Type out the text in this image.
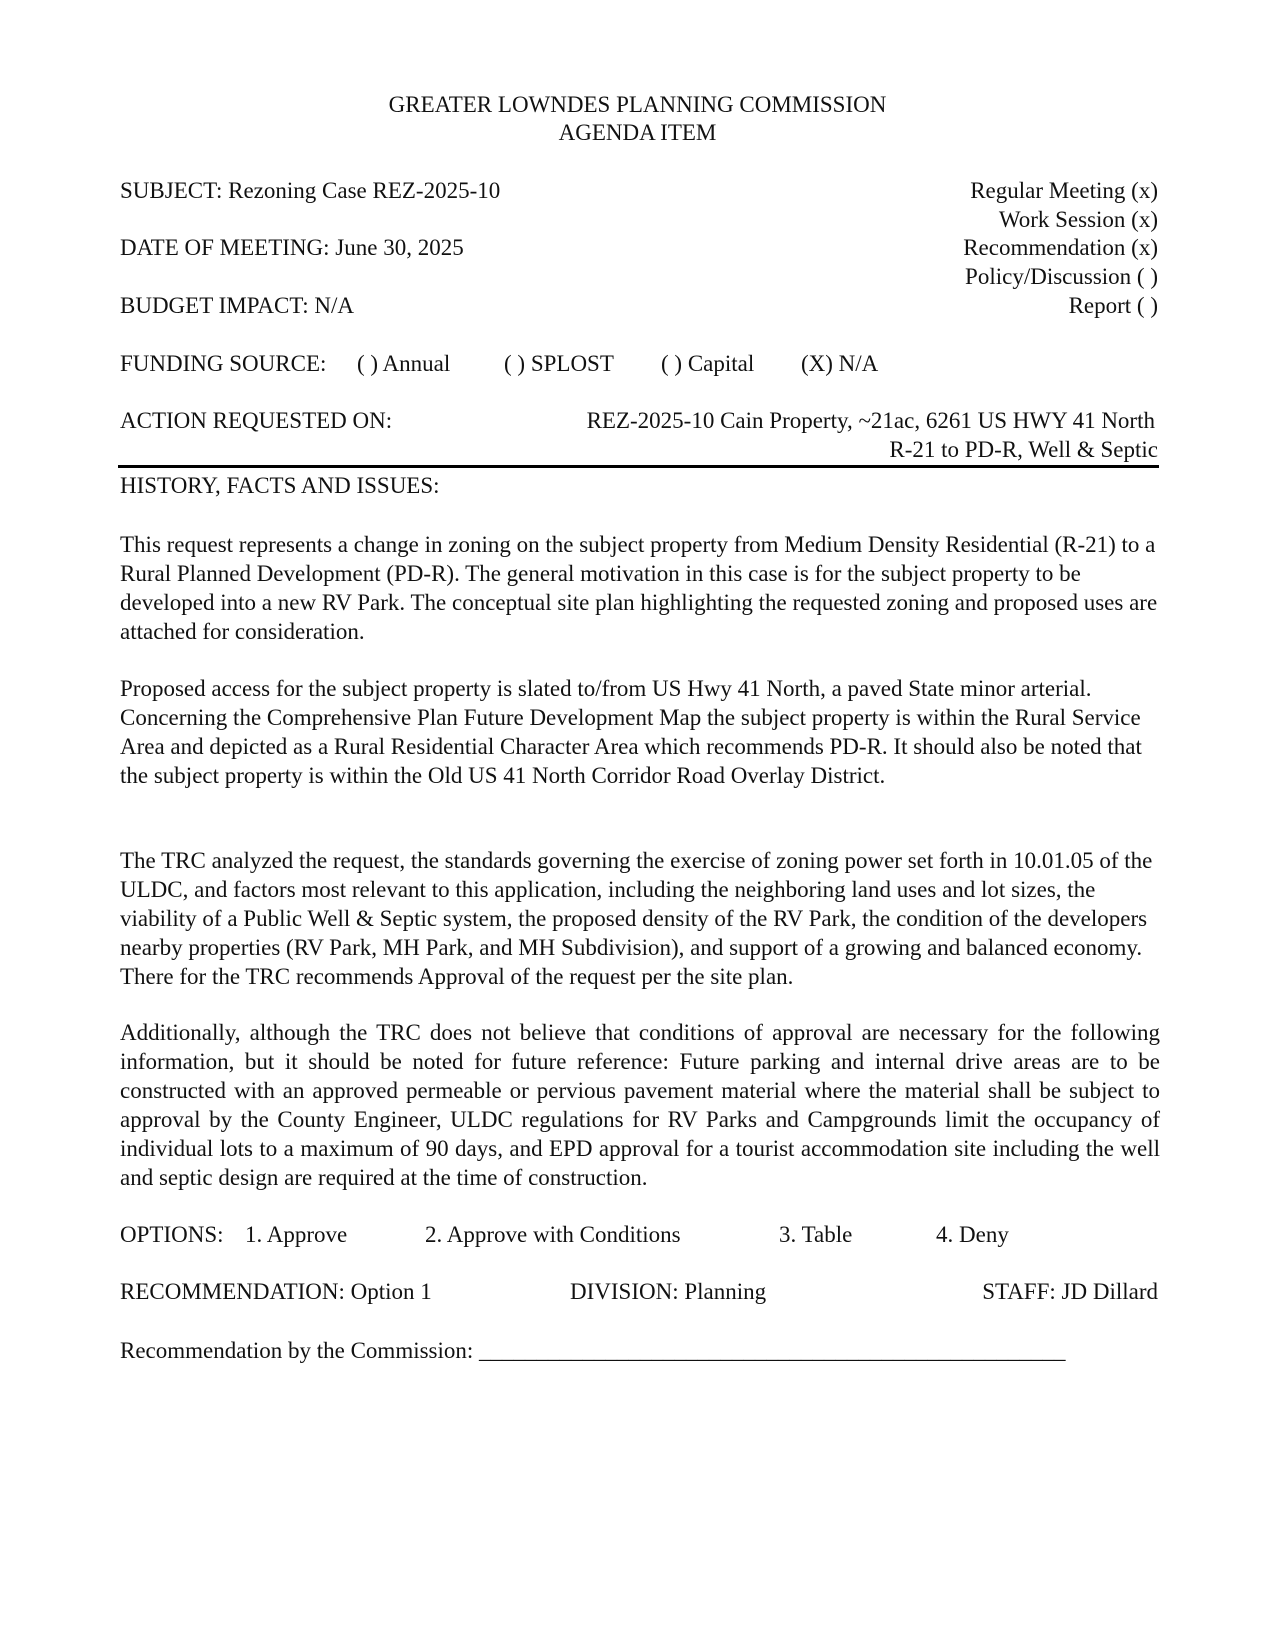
GREATER LOWNDES PLANNING COMMISSION
AGENDA ITEM
SUBJECT: Rezoning Case REZ-2025-10
DATE OF MEETING: June 30, 2025
BUDGET IMPACT: N/A
Regular Meeting (x)
Work Session (x)
Recommendation (x)
Policy/Discussion ( )
Report ( )
FUNDING SOURCE: ( ) Annual ( ) SPLOST ( ) Capital (X) N/A
ACTION REQUESTED ON:	REZ-2025-10 Cain Property, ~21ac, 6261 US HWY 41 North
R-21 to PD-R, Well & Septic
HISTORY, FACTS AND ISSUES:
This request represents a change in zoning on the subject property from Medium Density Residential (R-21) to a Rural Planned Development (PD-R). The general motivation in this case is for the subject property to be developed into a new RV Park. The conceptual site plan highlighting the requested zoning and proposed uses are attached for consideration.
Proposed access for the subject property is slated to/from US Hwy 41 North, a paved State minor arterial. Concerning the Comprehensive Plan Future Development Map the subject property is within the Rural Service Area and depicted as a Rural Residential Character Area which recommends PD-R. It should also be noted that the subject property is within the Old US 41 North Corridor Road Overlay District.
The TRC analyzed the request, the standards governing the exercise of zoning power set forth in 10.01.05 of the ULDC, and factors most relevant to this application, including the neighboring land uses and lot sizes, the viability of a Public Well & Septic system, the proposed density of the RV Park, the condition of the developers nearby properties (RV Park, MH Park, and MH Subdivision), and support of a growing and balanced economy. There for the TRC recommends Approval of the request per the site plan.
Additionally, although the TRC does not believe that conditions of approval are necessary for the following information, but it should be noted for future reference: Future parking and internal drive areas are to be constructed with an approved permeable or pervious pavement material where the material shall be subject to approval by the County Engineer, ULDC regulations for RV Parks and Campgrounds limit the occupancy of individual lots to a maximum of 90 days, and EPD approval for a tourist accommodation site including the well and septic design are required at the time of construction.
OPTIONS: 1. Approve	2. Approve with Conditions	3. Table	4. Deny
RECOMMENDATION: Option 1	DIVISION: Planning	STAFF: JD Dillard
Recommendation by the Commission: ___________________________________________________
